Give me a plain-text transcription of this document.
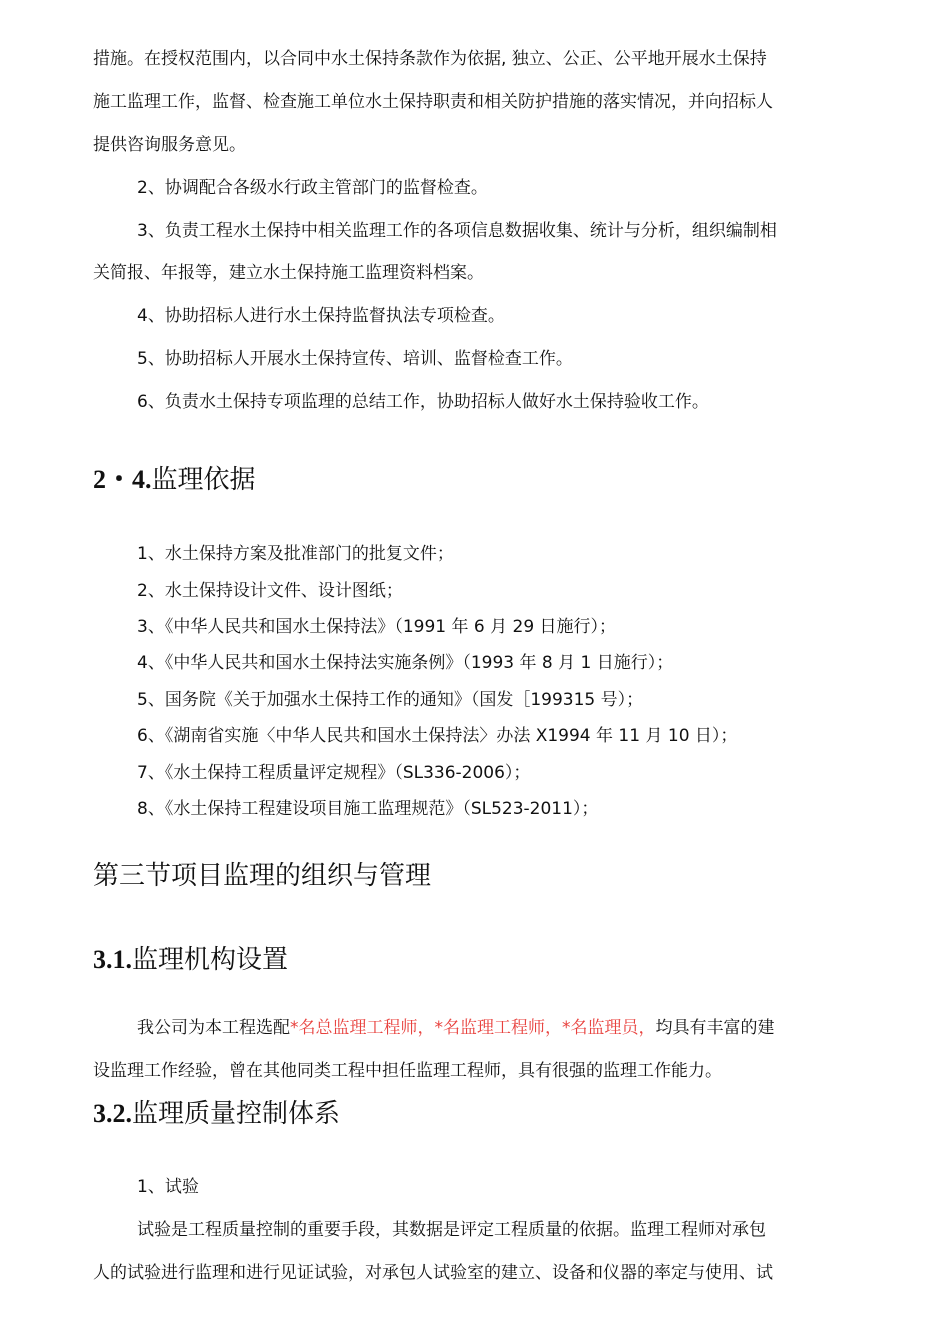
措施。在授权范围内，以合同中水土保持条款作为依据, 独立、公正、公平地开展水土保持

施工监理工作，监督、检查施工单位水土保持职责和相关防护措施的落实情况，并向招标人

提供咨询服务意见。

2、协调配合各级水行政主管部门的监督检查。

3、负责工程水土保持中相关监理工作的各项信息数据收集、统计与分析，组织编制相

关简报、年报等，建立水土保持施工监理资料档案。

4、协助招标人进行水土保持监督执法专项检查。

5、协助招标人开展水土保持宣传、培训、监督检查工作。

6、负责水土保持专项监理的总结工作，协助招标人做好水土保持验收工作。

2・4.监理依据

1、水土保持方案及批准部门的批复文件；

2、水土保持设计文件、设计图纸；

3、《中华人民共和国水土保持法》（1991 年 6 月 29 日施行）；

4、《中华人民共和国水土保持法实施条例》（1993 年 8 月 1 日施行）；

5、国务院《关于加强水土保持工作的通知》（国发［199315 号）；

6、《湖南省实施〈中华人民共和国水土保持法〉办法 X1994 年 11 月 10 日）；

7、《水土保持工程质量评定规程》（SL336-2006）；

8、《水土保持工程建设项目施工监理规范》（SL523-2011）；

第三节项目监理的组织与管理
3.1.监理机构设置

我公司为本工程选配*名总监理工程师，*名监理工程师，*名监理员，均具有丰富的建

设监理工作经验，曾在其他同类工程中担任监理工程师，具有很强的监理工作能力。

3.2.监理质量控制体系

1、试验

试验是工程质量控制的重要手段，其数据是评定工程质量的依据。监理工程师对承包

人的试验进行监理和进行见证试验，对承包人试验室的建立、设备和仪器的率定与使用、试
